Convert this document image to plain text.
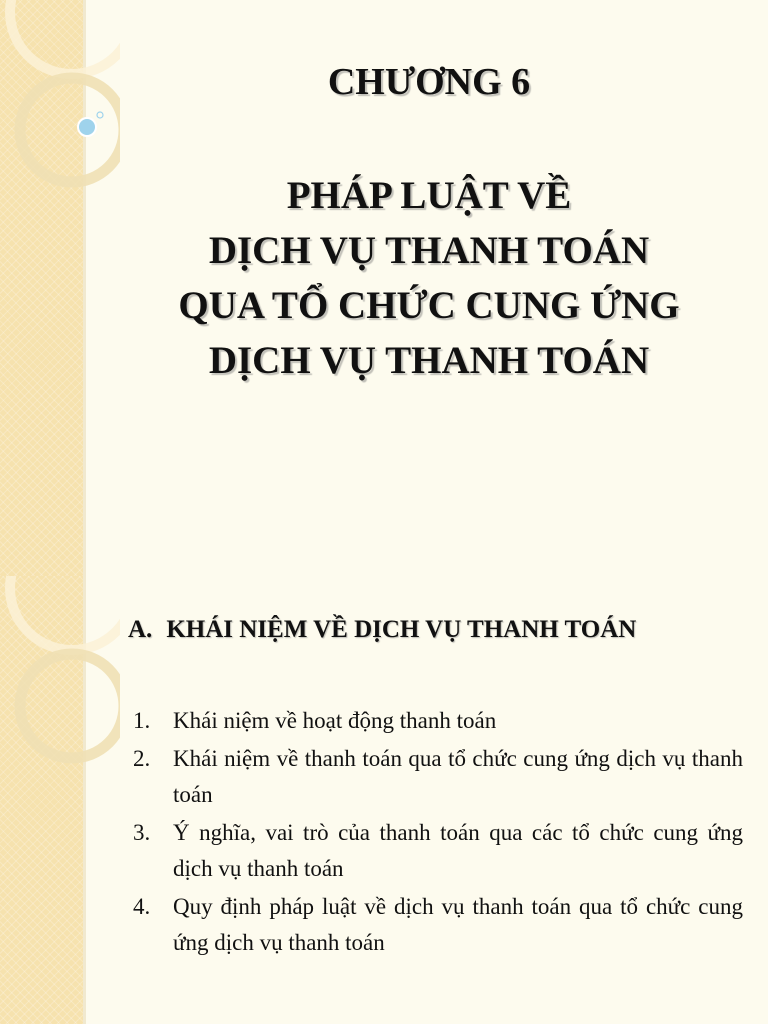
CHƯƠNG 6
PHÁP LUẬT VỀ
DỊCH VỤ THANH TOÁN
QUA TỔ CHỨC CUNG ỨNG
DỊCH VỤ THANH TOÁN
A. KHÁI NIỆM VỀ DỊCH VỤ THANH TOÁN
1. Khái niệm về hoạt động thanh toán
2. Khái niệm về thanh toán qua tổ chức cung ứng dịch vụ thanh toán
3. Ý nghĩa, vai trò của thanh toán qua các tổ chức cung ứng dịch vụ thanh toán
4. Quy định pháp luật về dịch vụ thanh toán qua tổ chức cung ứng dịch vụ thanh toán
